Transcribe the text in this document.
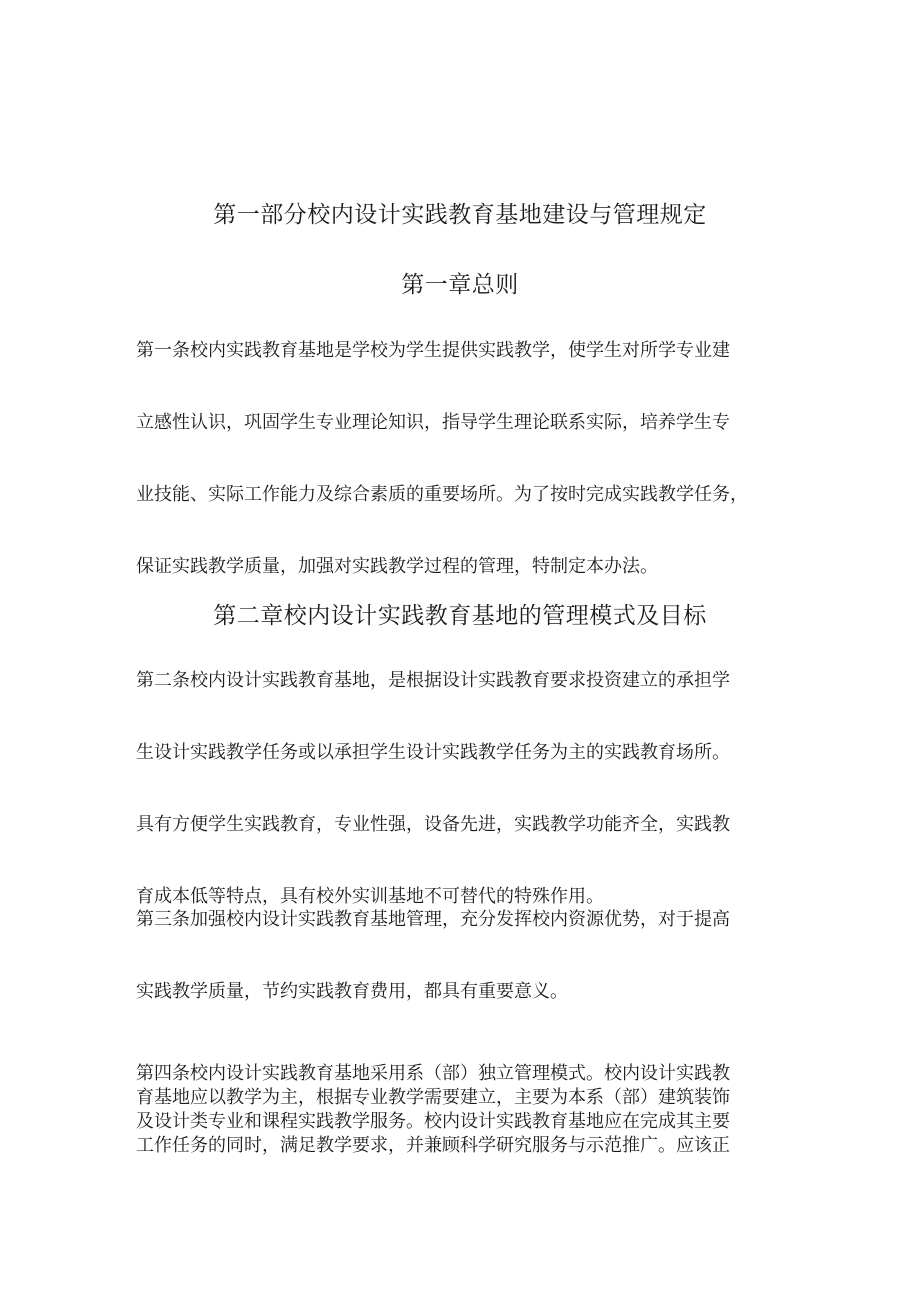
第一部分校内设计实践教育基地建设与管理规定
第一章总则
第一条校内实践教育基地是学校为学生提供实践教学，使学生对所学专业建
立感性认识，巩固学生专业理论知识，指导学生理论联系实际，培养学生专
业技能、实际工作能力及综合素质的重要场所。为了按时完成实践教学任务，
保证实践教学质量，加强对实践教学过程的管理，特制定本办法。
第二章校内设计实践教育基地的管理模式及目标
第二条校内设计实践教育基地，是根据设计实践教育要求投资建立的承担学
生设计实践教学任务或以承担学生设计实践教学任务为主的实践教育场所。
具有方便学生实践教育，专业性强，设备先进，实践教学功能齐全，实践教
育成本低等特点，具有校外实训基地不可替代的特殊作用。
第三条加强校内设计实践教育基地管理，充分发挥校内资源优势，对于提高
实践教学质量，节约实践教育费用，都具有重要意义。
第四条校内设计实践教育基地采用系（部）独立管理模式。校内设计实践教
育基地应以教学为主，根据专业教学需要建立，主要为本系（部）建筑装饰
及设计类专业和课程实践教学服务。校内设计实践教育基地应在完成其主要
工作任务的同时，满足教学要求，并兼顾科学研究服务与示范推广。应该正
